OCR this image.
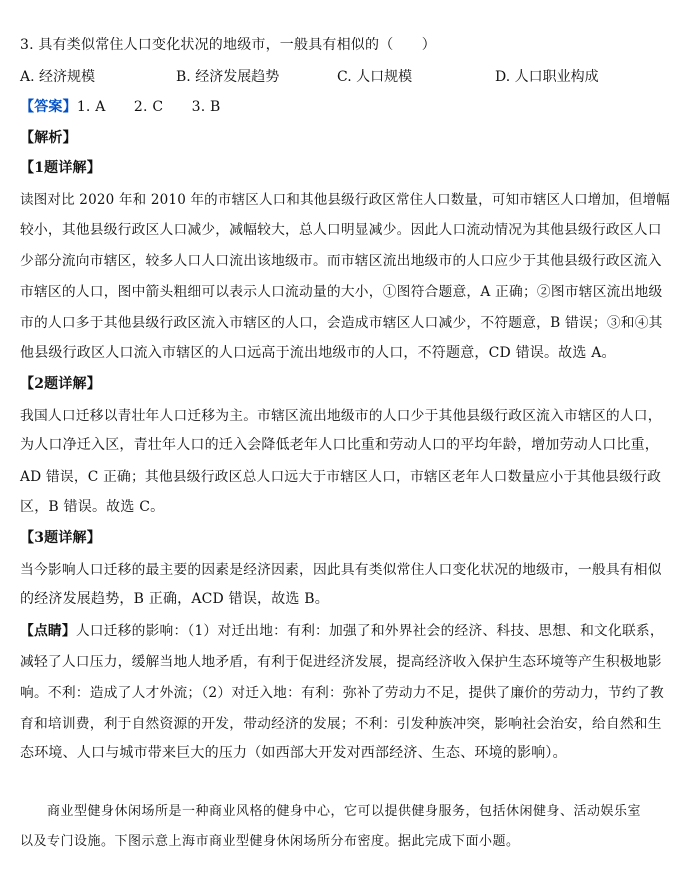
3. 具有类似常住人口变化状况的地级市，一般具有相似的（　　）
A. 经济规模	B. 经济发展趋势	C. 人口规模	D. 人口职业构成
【答案】1. A　　2. C　　3. B
【解析】
【1题详解】
读图对比 2020 年和 2010 年的市辖区人口和其他县级行政区常住人口数量，可知市辖区人口增加，但增幅
较小，其他县级行政区人口减少，减幅较大，总人口明显减少。因此人口流动情况为其他县级行政区人口
少部分流向市辖区，较多人口人口流出该地级市。而市辖区流出地级市的人口应少于其他县级行政区流入
市辖区的人口，图中箭头粗细可以表示人口流动量的大小，①图符合题意，A 正确；②图市辖区流出地级
市的人口多于其他县级行政区流入市辖区的人口，会造成市辖区人口减少，不符题意，B 错误；③和④其
他县级行政区人口流入市辖区的人口远高于流出地级市的人口，不符题意，CD 错误。故选 A。
【2题详解】
我国人口迁移以青壮年人口迁移为主。市辖区流出地级市的人口少于其他县级行政区流入市辖区的人口，
为人口净迁入区，青壮年人口的迁入会降低老年人口比重和劳动人口的平均年龄，增加劳动人口比重，
AD 错误，C 正确；其他县级行政区总人口远大于市辖区人口，市辖区老年人口数量应小于其他县级行政
区，B 错误。故选 C。
【3题详解】
当今影响人口迁移的最主要的因素是经济因素，因此具有类似常住人口变化状况的地级市，一般具有相似
的经济发展趋势，B 正确，ACD 错误，故选 B。
【点睛】人口迁移的影响：（1）对迁出地：有利：加强了和外界社会的经济、科技、思想、和文化联系，
减轻了人口压力，缓解当地人地矛盾，有利于促进经济发展，提高经济收入保护生态环境等产生积极地影
响。不利：造成了人才外流；（2）对迁入地：有利：弥补了劳动力不足，提供了廉价的劳动力，节约了教
育和培训费，利于自然资源的开发，带动经济的发展；不利：引发种族冲突，影响社会治安，给自然和生
态环境、人口与城市带来巨大的压力（如西部大开发对西部经济、生态、环境的影响）。
　　商业型健身休闲场所是一种商业风格的健身中心，它可以提供健身服务，包括休闲健身、活动娱乐室
以及专门设施。下图示意上海市商业型健身休闲场所分布密度。据此完成下面小题。
